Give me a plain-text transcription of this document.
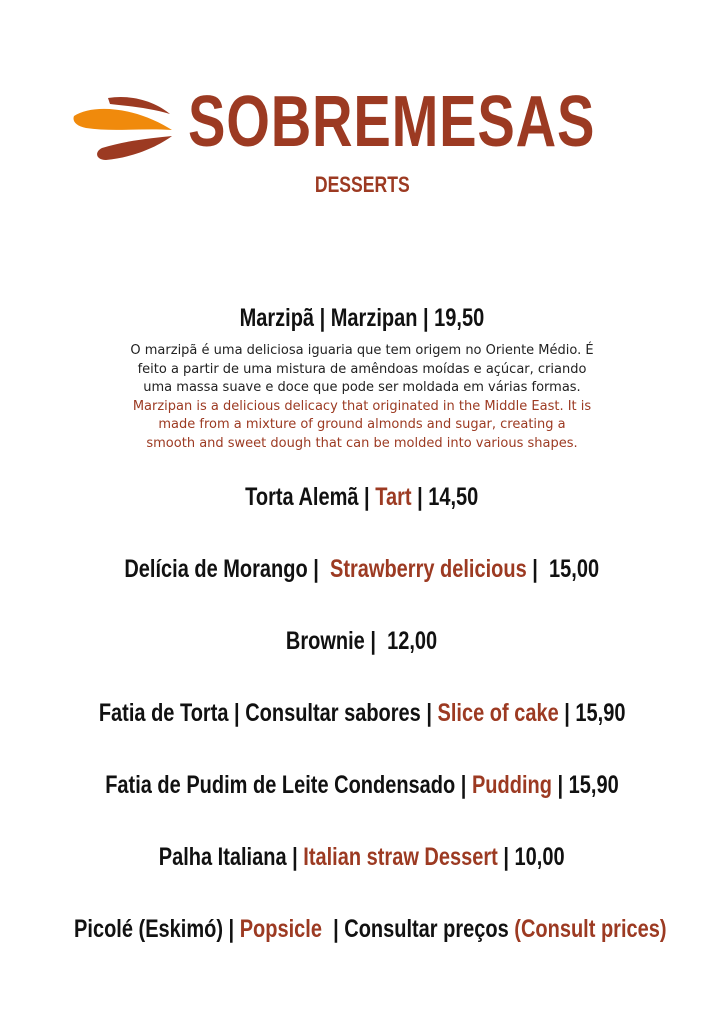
SOBREMESAS
DESSERTS
Marzipã | Marzipan | 19,50

O marzipã é uma deliciosa iguaria que tem origem no Oriente Médio. É

feito a partir de uma mistura de amêndoas moídas e açúcar, criando

uma massa suave e doce que pode ser moldada em várias formas.

Marzipan is a delicious delicacy that originated in the Middle East. It is

made from a mixture of ground almonds and sugar, creating a

smooth and sweet dough that can be molded into various shapes.

Torta Alemã | Tart | 14,50
Delícia de Morango |  Strawberry delicious |  15,00
Brownie |  12,00
Fatia de Torta | Consultar sabores | Slice of cake | 15,90
Fatia de Pudim de Leite Condensado | Pudding | 15,90
Palha Italiana | Italian straw Dessert | 10,00
Picolé (Eskimó) | Popsicle  | Consultar preços (Consult prices)
